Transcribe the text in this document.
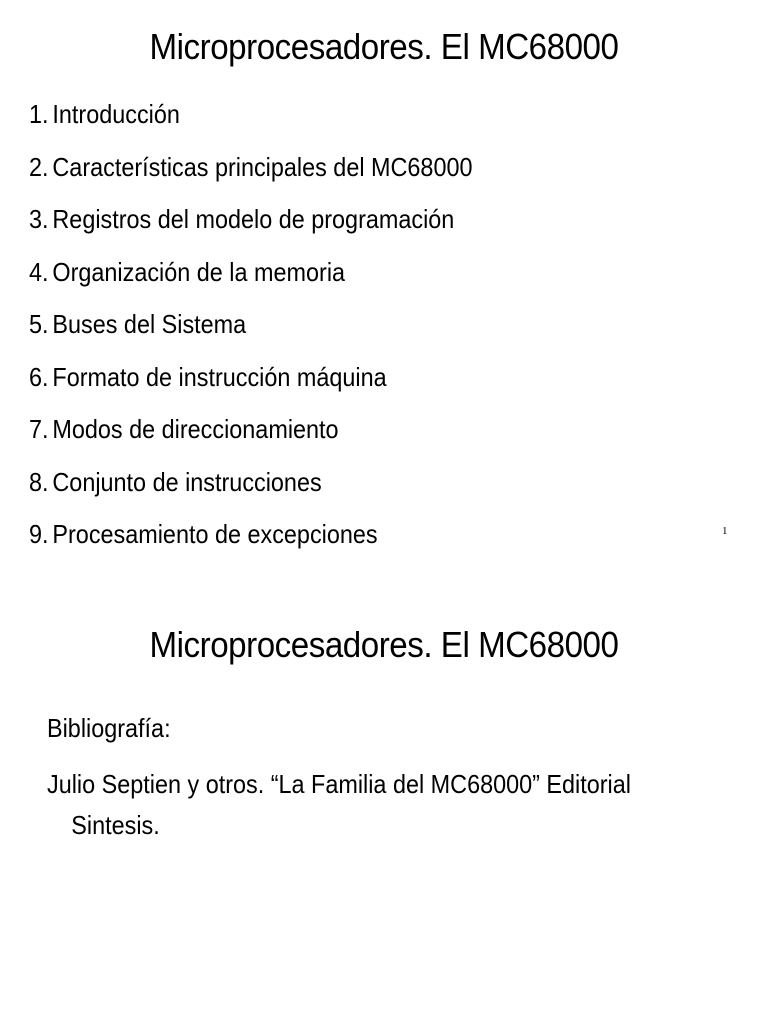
Microprocesadores. El MC68000
1. Introducción
2. Características principales del MC68000
3. Registros del modelo de programación
4. Organización de la memoria
5. Buses del Sistema
6. Formato de instrucción máquina
7. Modos de direccionamiento
8. Conjunto de instrucciones
9. Procesamiento de excepciones	1
Microprocesadores. El MC68000
Bibliografía:
Julio Septien y otros. “La Familia del MC68000” Editorial
Sintesis.
